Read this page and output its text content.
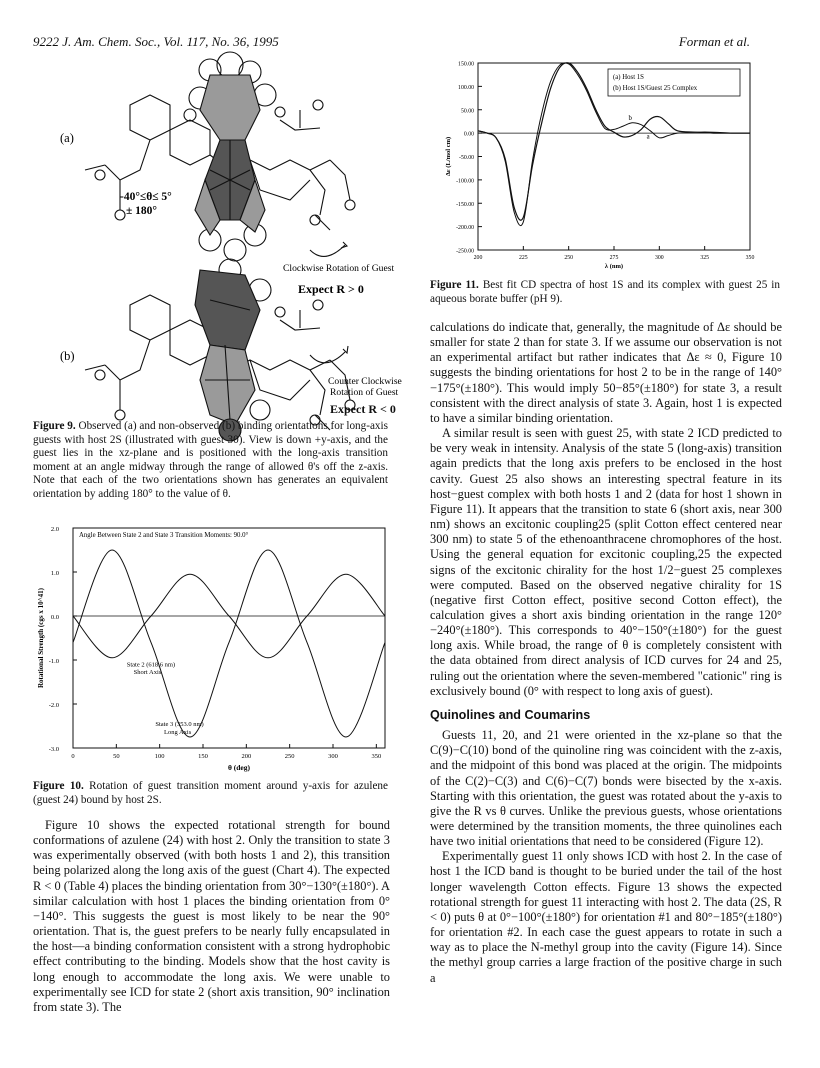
9222 J. Am. Chem. Soc., Vol. 117, No. 36, 1995	Forman et al.
(a)
(b)
-40°≤θ≤ 5°
± 180°
Clockwise Rotation of Guest
Expect R > 0
Counter Clockwise
Rotation of Guest
Expect R < 0
Figure 9. Observed (a) and non-observed (b) binding orientations for long-axis guests with host 2S (illustrated with guest 30). View is down +y-axis, and the guest lies in the xz-plane and is positioned with the long-axis transition moment at an angle midway through the range of allowed θ's off the z-axis. Note that each of the two orientations shown has generates an equivalent orientation by adding 180° to the value of θ.
2.0
1.0
0.0
-1.0
-2.0
-3.0
0	50	100	150	200	250	300	350
θ (deg)
Rotational Strength (cgs x 10^41)
Angle Between State 2 and State 3 Transition Moments: 90.0°
State 2 (618.6 nm)
Short Axis
State 3 (353.0 nm)
Long Axis
Figure 10. Rotation of guest transition moment around y-axis for azulene (guest 24) bound by host 2S.

Figure 10 shows the expected rotational strength for bound conformations of azulene (24) with host 2. Only the transition to state 3 was experimentally observed (with both hosts 1 and 2), this transition being polarized along the long axis of the guest (Chart 4). The expected R < 0 (Table 4) places the binding orientation from 30°−130°(±180°). A similar calculation with host 1 places the binding orientation from 0°−140°. This suggests the guest is most likely to be near the 90° orientation. That is, the guest prefers to be nearly fully encapsulated in the host—a binding conformation consistent with a strong hydrophobic effect contributing to the binding. Models show that the host cavity is long enough to accommodate the long axis. We were unable to experimentally see ICD for state 2 (short axis transition, 90° inclination from state 3). The

150.00
100.00
50.00
0.00
-50.00
-100.00
-150.00
-200.00
-250.00
200	225	250	275	300	325	350
λ (nm)
Δε (L/mol cm)
(a) Host 1S
(b) Host 1S/Guest 25 Complex
b
a
Figure 11. Best fit CD spectra of host 1S and its complex with guest 25 in aqueous borate buffer (pH 9).

calculations do indicate that, generally, the magnitude of Δε should be smaller for state 2 than for state 3. If we assume our observation is not an experimental artifact but rather indicates that Δε ≈ 0, Figure 10 suggests the binding orientations for host 2 to be in the range of 140°−175°(±180°). This would imply 50−85°(±180°) for state 3, a result consistent with the direct analysis of state 3. Again, host 1 is expected to have a similar binding orientation.

A similar result is seen with guest 25, with state 2 ICD predicted to be very weak in intensity. Analysis of the state 5 (long-axis) transition again predicts that the long axis prefers to be enclosed in the host cavity. Guest 25 also shows an interesting spectral feature in its host−guest complex with both hosts 1 and 2 (data for host 1 shown in Figure 11). It appears that the transition to state 6 (short axis, near 300 nm) shows an excitonic coupling25 (split Cotton effect centered near 300 nm) to state 5 of the ethenoanthracene chromophores of the host. Using the general equation for excitonic coupling,25 the expected signs of the excitonic chirality for the host 1/2−guest 25 complexes were computed. Based on the observed negative chirality for 1S (negative first Cotton effect, positive second Cotton effect), the calculation gives a short axis binding orientation in the range 120°−240°(±180°). This corresponds to 40°−150°(±180°) for the guest long axis. While broad, the range of θ is completely consistent with the data obtained from direct analysis of ICD curves for 24 and 25, ruling out the orientation where the seven-membered "cationic" ring is exclusively bound (0° with respect to long axis of guest).

Quinolines and Coumarins

Guests 11, 20, and 21 were oriented in the xz-plane so that the C(9)−C(10) bond of the quinoline ring was coincident with the z-axis, and the midpoint of this bond was placed at the origin. The midpoints of the C(2)−C(3) and C(6)−C(7) bonds were bisected by the x-axis. Starting with this orientation, the guest was rotated about the y-axis to give the R vs θ curves. Unlike the previous guests, whose orientations were determined by the transition moments, the three quinolines each have two initial orientations that need to be considered (Figure 12).

Experimentally guest 11 only shows ICD with host 2. In the case of host 1 the ICD band is thought to be buried under the tail of the host longer wavelength Cotton effects. Figure 13 shows the expected rotational strength for guest 11 interacting with host 2. The data (2S, R < 0) puts θ at 0°−100°(±180°) for orientation #1 and 80°−185°(±180°) for orientation #2. In each case the guest appears to rotate in such a way as to place the N-methyl group into the cavity (Figure 14). Since the methyl group carries a large fraction of the positive charge in such a
